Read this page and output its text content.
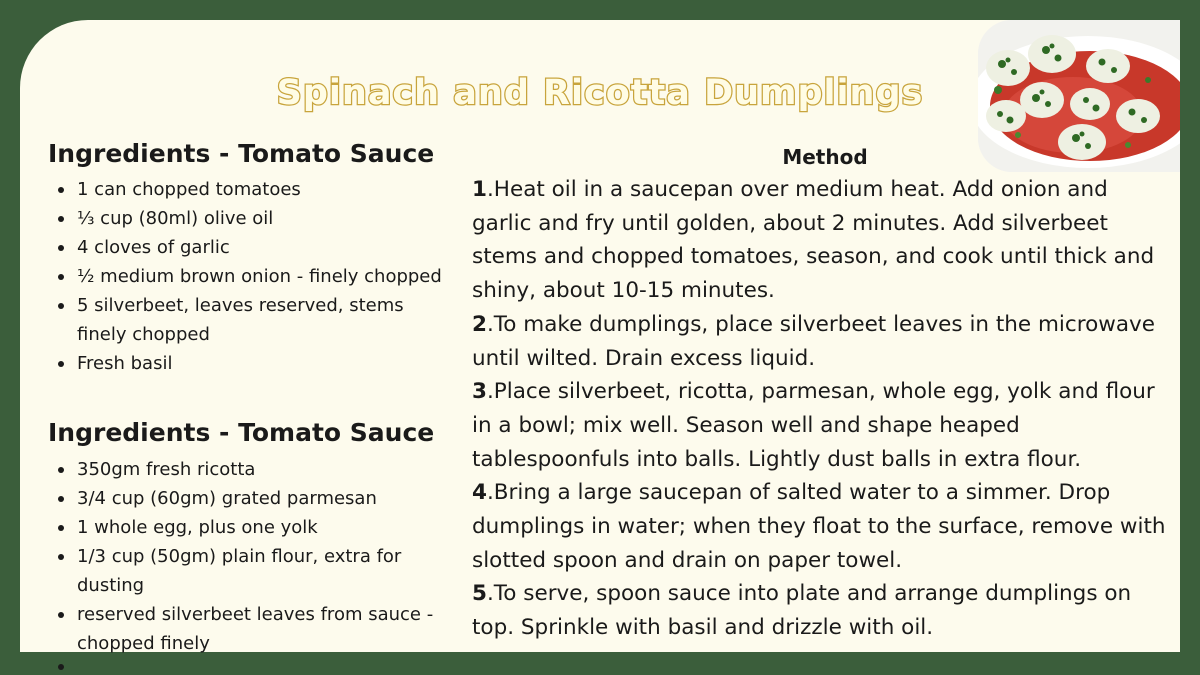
Spinach and Ricotta Dumplings
Ingredients - Tomato Sauce
1 can chopped tomatoes
⅓ cup (80ml) olive oil
4 cloves of garlic
½ medium brown onion - finely chopped
5 silverbeet, leaves reserved, stems finely chopped
Fresh basil
Ingredients - Tomato Sauce
350gm fresh ricotta
3/4 cup (60gm) grated parmesan
1 whole egg, plus one yolk
1/3 cup (50gm) plain flour, extra for dusting
reserved silverbeet leaves from sauce - chopped finely
Method
1.Heat oil in a saucepan over medium heat. Add onion and garlic and fry until golden, about 2 minutes. Add silverbeet stems and chopped tomatoes, season, and cook until thick and shiny, about 10-15 minutes.
2.To make dumplings, place silverbeet leaves in the microwave until wilted. Drain excess liquid.
3.Place silverbeet, ricotta, parmesan, whole egg, yolk and flour in a bowl; mix well. Season well and shape heaped tablespoonfuls into balls. Lightly dust balls in extra flour.
4.Bring a large saucepan of salted water to a simmer. Drop dumplings in water; when they float to the surface, remove with slotted spoon and drain on paper towel.
5.To serve, spoon sauce into plate and arrange dumplings on top. Sprinkle with basil and drizzle with oil.
